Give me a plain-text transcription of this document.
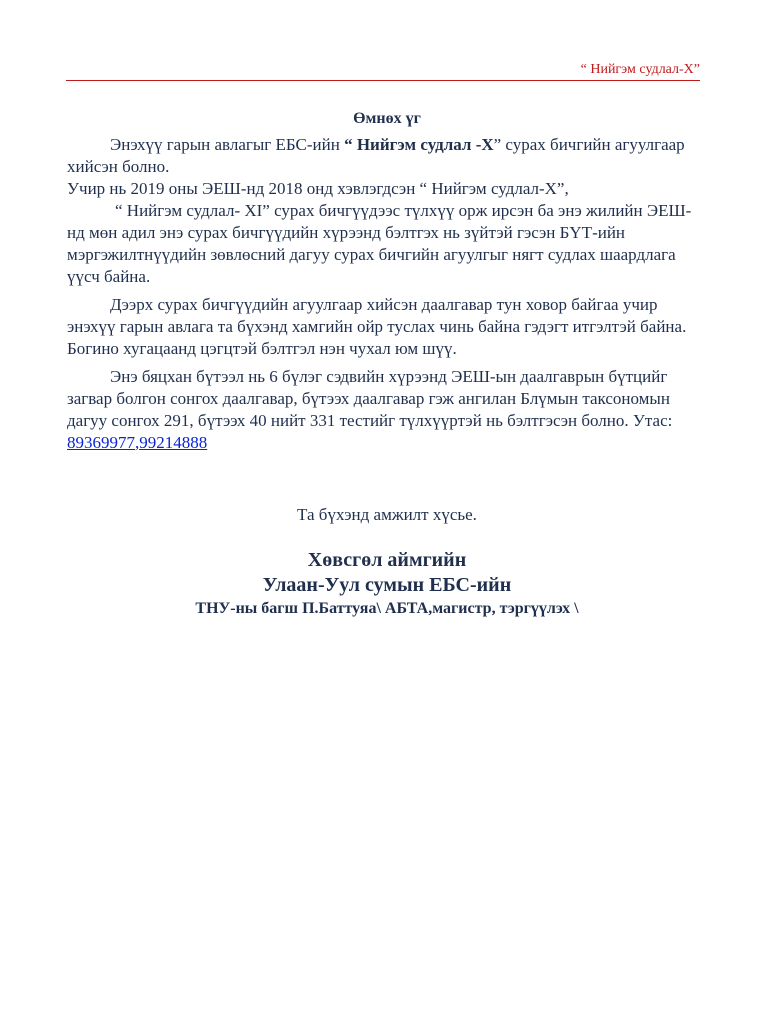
“ Нийгэм судлал-Х”
Өмнөх үг

Энэхүү гарын авлагыг ЕБС-ийн “ Нийгэм судлал -Х” сурах бичгийн агуулгаар хийсэн болно.

Учир нь 2019 оны ЭЕШ-нд 2018 онд хэвлэгдсэн “ Нийгэм судлал-Х”,

“ Нийгэм судлал- XI” сурах бичгүүдээс түлхүү орж ирсэн ба энэ жилийн ЭЕШ-нд мөн адил энэ сурах бичгүүдийн хүрээнд бэлтгэх нь зүйтэй гэсэн БҮТ-ийн мэргэжилтнүүдийн зөвлөсний дагуу сурах бичгийн агуулгыг нягт судлах шаардлага үүсч байна.

Дээрх сурах бичгүүдийн агуулгаар хийсэн даалгавар тун ховор байгаа учир энэхүү гарын авлага та бүхэнд хамгийн ойр туслах чинь байна гэдэгт итгэлтэй байна. Богино хугацаанд цэгцтэй бэлтгэл нэн чухал юм шүү.

Энэ бяцхан бүтээл нь 6 бүлэг сэдвийн хүрээнд ЭЕШ-ын даалгаврын бүтцийг загвар болгон сонгох даалгавар, бүтээх даалгавар гэж ангилан Блүмын таксономын дагуу сонгох 291, бүтээх 40 нийт 331 тестийг түлхүүртэй нь бэлтгэсэн болно. Утас: 89369977,99214888

Та бүхэнд амжилт хүсье.
Хөвсгөл аймгийн
Улаан-Уул сумын ЕБС-ийн
ТНУ-ны багш П.Баттуяа\ АБТА,магистр, тэргүүлэх \
